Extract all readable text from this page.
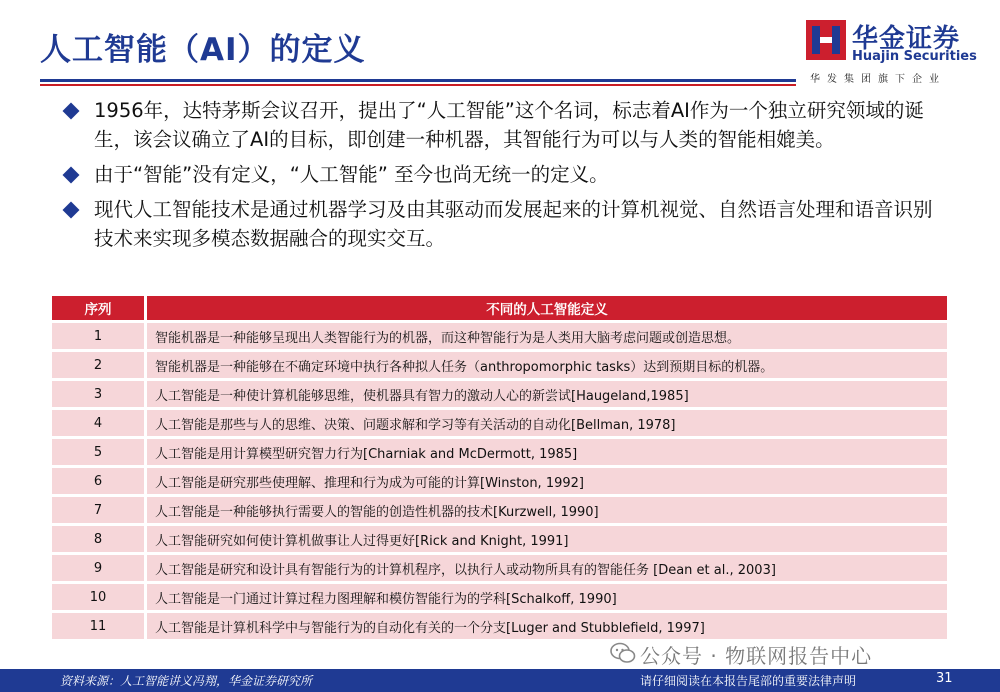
人工智能（AI）的定义	华金证券
Huajin Securities
华发集团旗下企业
1956年，达特茅斯会议召开，提出了“人工智能”这个名词，标志着AI作为一个独立研究领域的诞生，该会议确立了AI的目标，即创建一种机器，其智能行为可以与人类的智能相媲美。
由于“智能”没有定义，“人工智能” 至今也尚无统一的定义。
现代人工智能技术是通过机器学习及由其驱动而发展起来的计算机视觉、自然语言处理和语音识别技术来实现多模态数据融合的现实交互。
序列	不同的人工智能定义
1	智能机器是一种能够呈现出人类智能行为的机器，而这种智能行为是人类用大脑考虑问题或创造思想。
2	智能机器是一种能够在不确定环境中执行各种拟人任务（anthropomorphic tasks）达到预期目标的机器。
3	人工智能是一种使计算机能够思维，使机器具有智力的激动人心的新尝试[Haugeland,1985]
4	人工智能是那些与人的思维、决策、问题求解和学习等有关活动的自动化[Bellman, 1978]
5	人工智能是用计算模型研究智力行为[Charniak and McDermott, 1985]
6	人工智能是研究那些使理解、推理和行为成为可能的计算[Winston, 1992]
7	人工智能是一种能够执行需要人的智能的创造性机器的技术[Kurzwell, 1990]
8	人工智能研究如何使计算机做事让人过得更好[Rick and Knight, 1991]
9	人工智能是研究和设计具有智能行为的计算机程序，以执行人或动物所具有的智能任务 [Dean et al., 2003]
10	人工智能是一门通过计算过程力图理解和模仿智能行为的学科[Schalkoff, 1990]
11	人工智能是计算机科学中与智能行为的自动化有关的一个分支[Luger and Stubblefield, 1997]
公众号 · 物联网报告中心
资料来源：人工智能讲义冯翔，华金证券研究所	请仔细阅读在本报告尾部的重要法律声明	31
